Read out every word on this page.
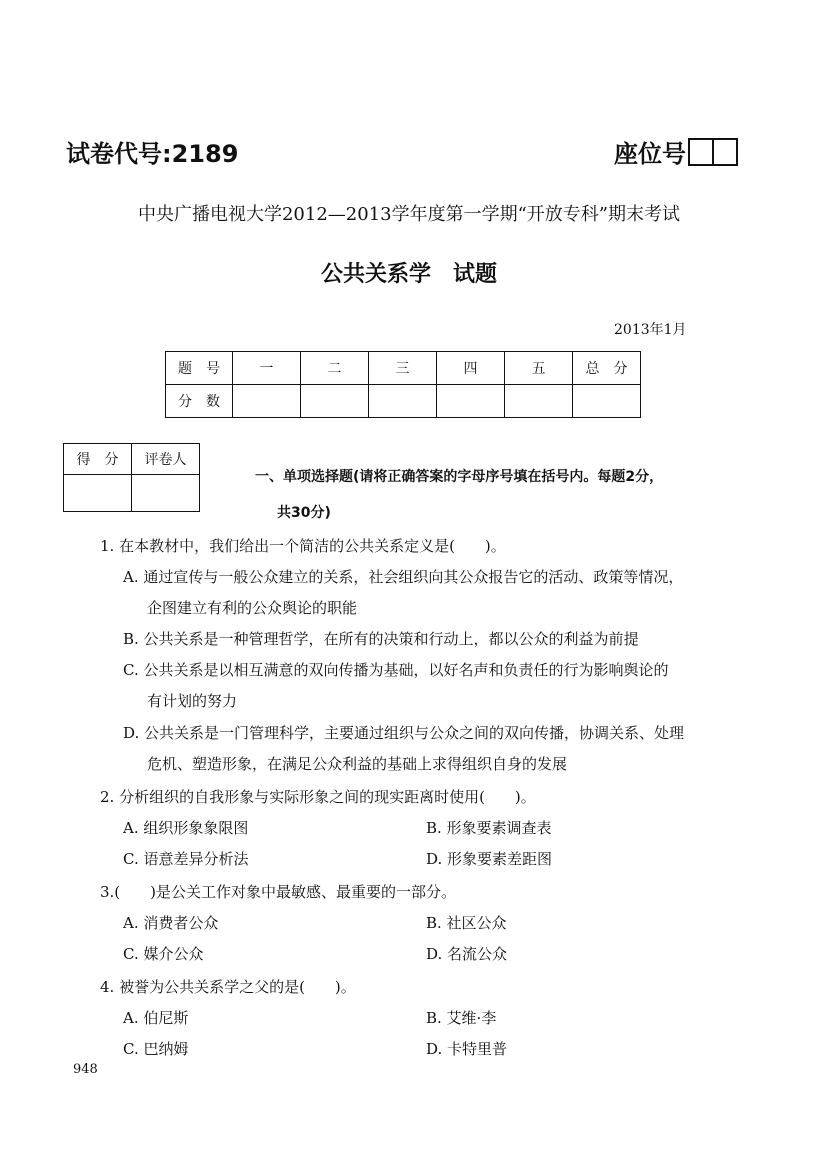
试卷代号:2189	座位号
中央广播电视大学2012—2013学年度第一学期“开放专科”期末考试
公共关系学　试题
2013年1月
题　号	一	二	三	四	五	总　分
分　数						
得　分	评卷人

一、单项选择题(请将正确答案的字母序号填在括号内。每题2分，
共30分)
1. 在本教材中，我们给出一个简洁的公共关系定义是(　　)。
A. 通过宣传与一般公众建立的关系，社会组织向其公众报告它的活动、政策等情况，
企图建立有利的公众舆论的职能
B. 公共关系是一种管理哲学，在所有的决策和行动上，都以公众的利益为前提
C. 公共关系是以相互满意的双向传播为基础，以好名声和负责任的行为影响舆论的
有计划的努力
D. 公共关系是一门管理科学，主要通过组织与公众之间的双向传播，协调关系、处理
危机、塑造形象，在满足公众利益的基础上求得组织自身的发展
2. 分析组织的自我形象与实际形象之间的现实距离时使用(　　)。
A. 组织形象象限图	B. 形象要素调查表
C. 语意差异分析法	D. 形象要素差距图
3.(　　)是公关工作对象中最敏感、最重要的一部分。
A. 消费者公众	B. 社区公众
C. 媒介公众	D. 名流公众
4. 被誉为公共关系学之父的是(　　)。
A. 伯尼斯	B. 艾维·李
C. 巴纳姆	D. 卡特里普
948
